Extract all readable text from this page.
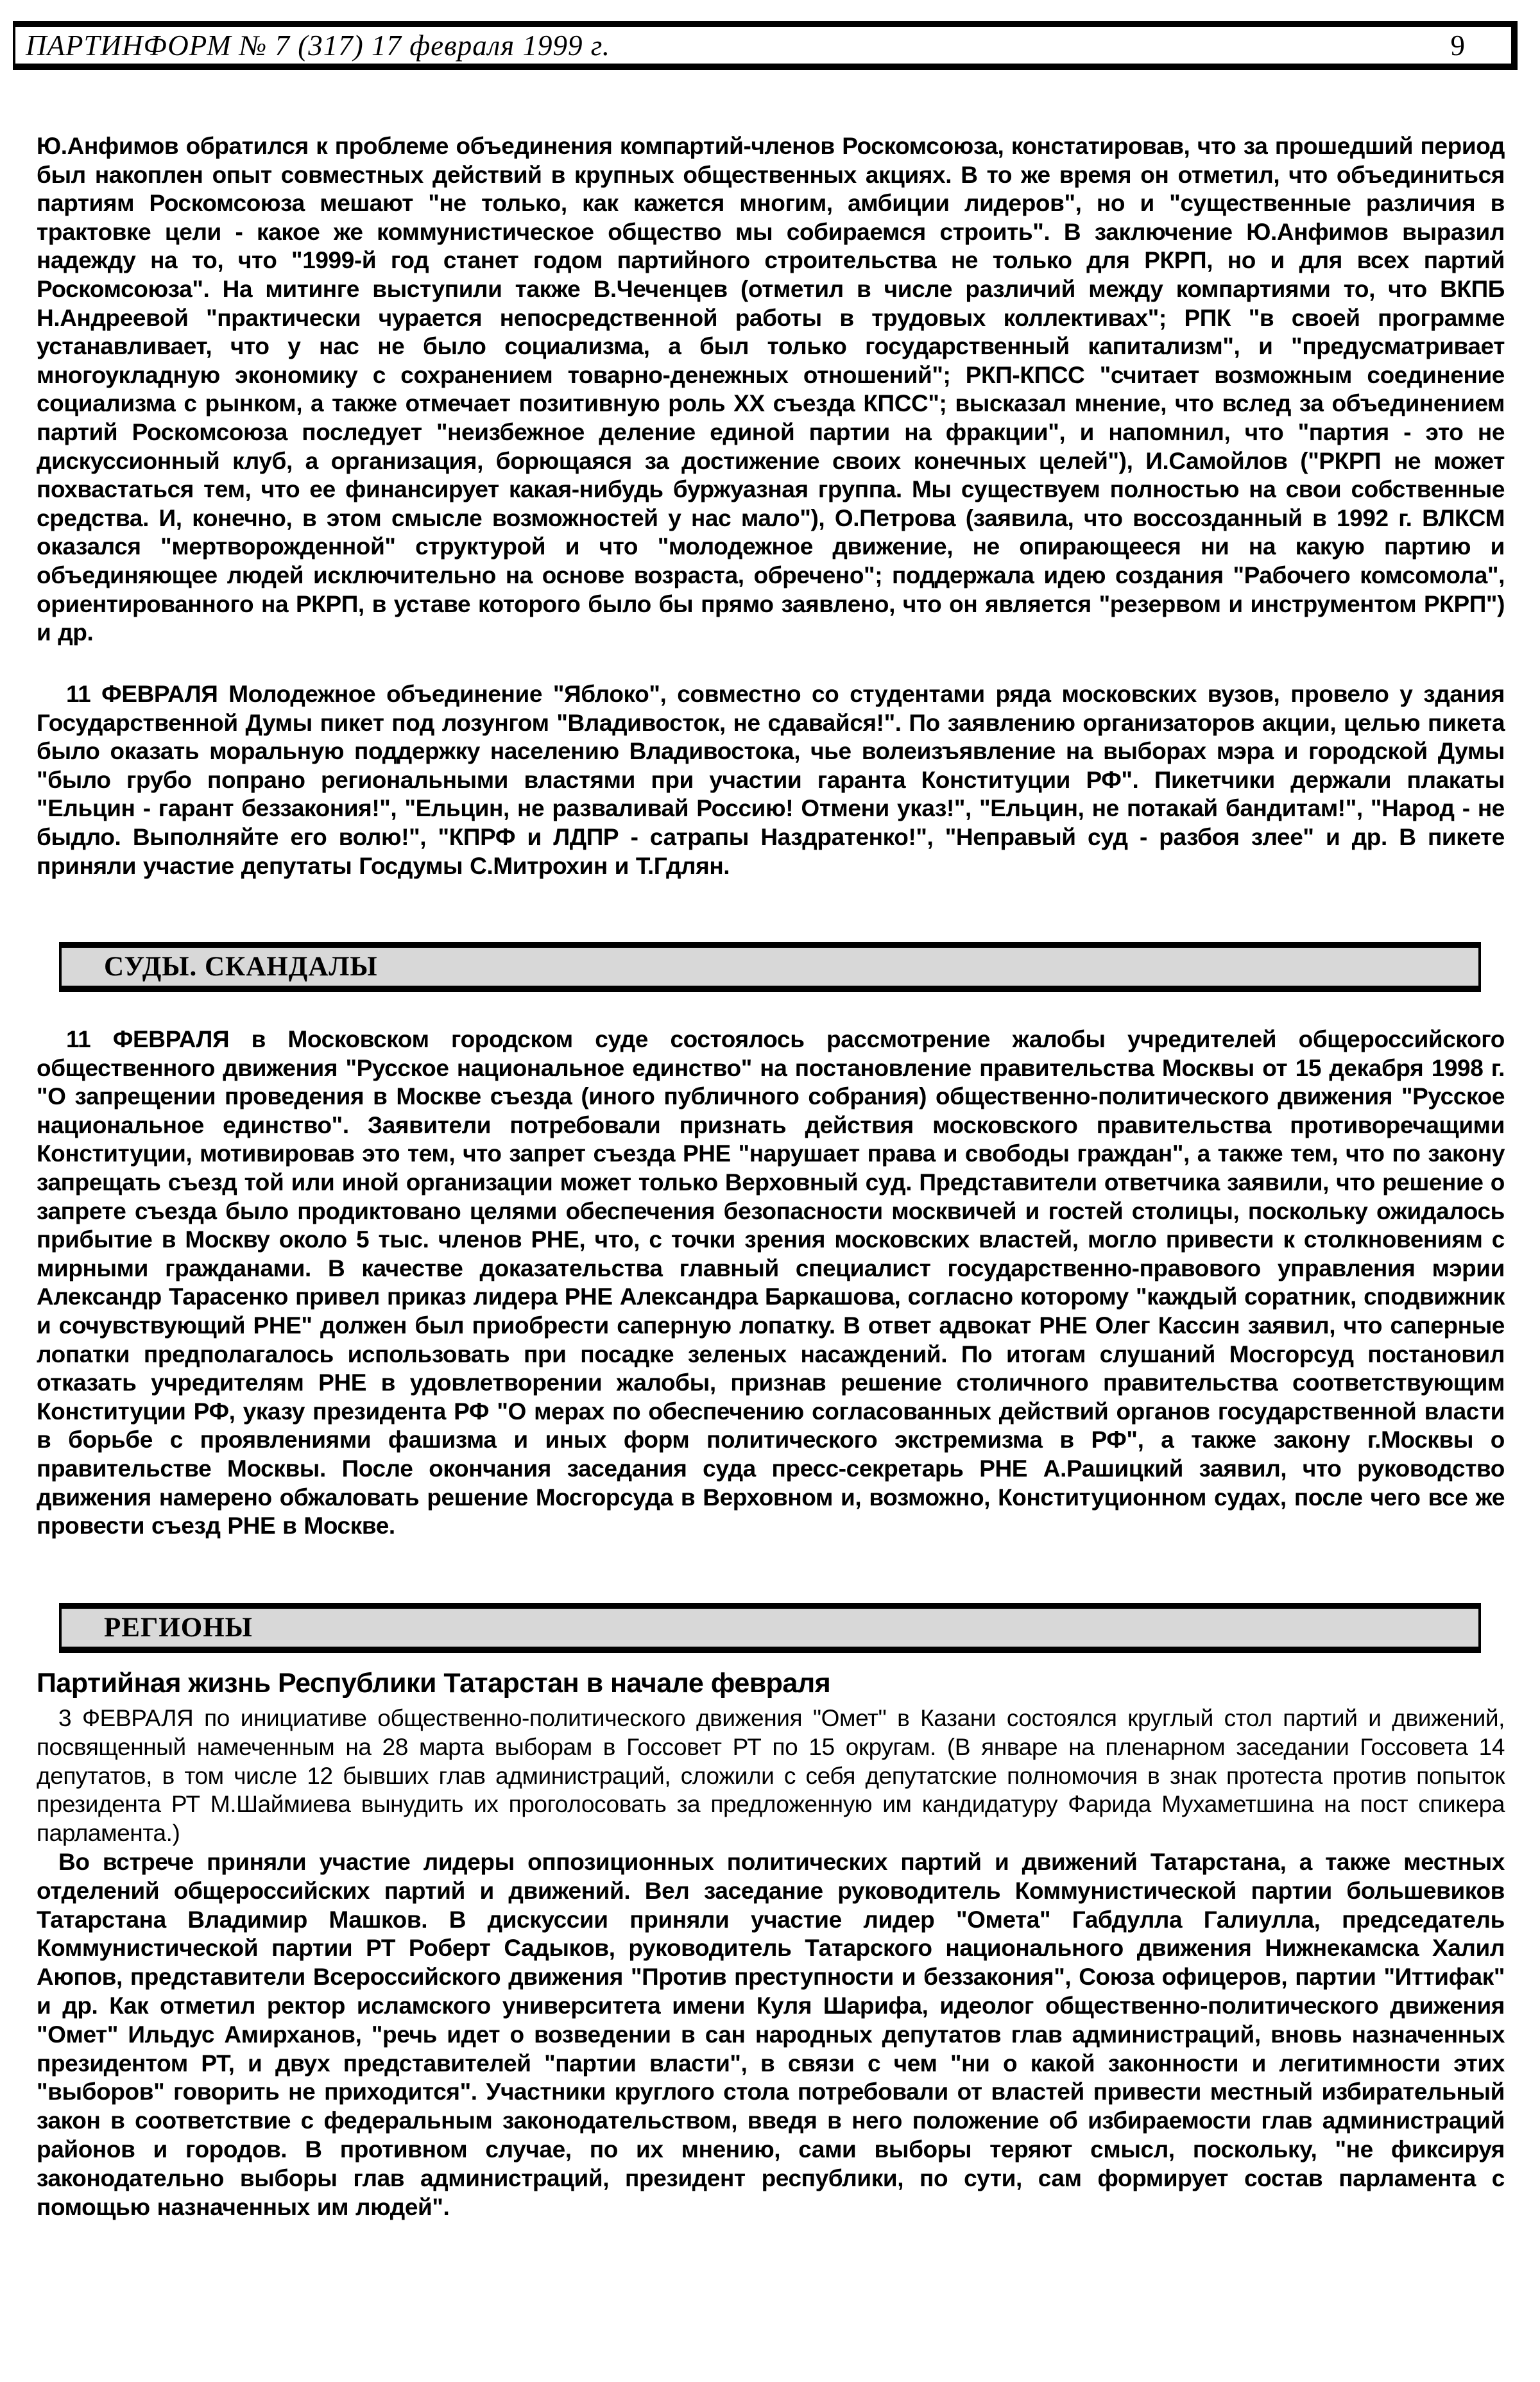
ПАРТИНФОРМ № 7 (317) 17 февраля 1999 г.	9
Ю.Анфимов обратился к проблеме объединения компартий-членов Роскомсоюза, констатировав, что за прошедший период был накоплен опыт совместных действий в крупных общественных акциях. В то же время он отметил, что объединиться партиям Роскомсоюза мешают "не только, как кажется многим, амбиции лидеров", но и "существенные различия в трактовке цели - какое же коммунистическое общество мы собираемся строить". В заключение Ю.Анфимов выразил надежду на то, что "1999-й год станет годом партийного строительства не только для РКРП, но и для всех партий Роскомсоюза". На митинге выступили также В.Чеченцев (отметил в числе различий между компартиями то, что ВКПБ Н.Андреевой "практически чурается непосредственной работы в трудовых коллективах"; РПК "в своей программе устанавливает, что у нас не было социализма, а был только государственный капитализм", и "предусматривает многоукладную экономику с сохранением товарно-денежных отношений"; РКП-КПСС "считает возможным соединение социализма с рынком, а также отмечает позитивную роль XX съезда КПСС"; высказал мнение, что вслед за объединением партий Роскомсоюза последует "неизбежное деление единой партии на фракции", и напомнил, что "партия - это не дискуссионный клуб, а организация, борющаяся за достижение своих конечных целей"), И.Самойлов ("РКРП не может похвастаться тем, что ее финансирует какая-нибудь буржуазная группа. Мы существуем полностью на свои собственные средства. И, конечно, в этом смысле возможностей у нас мало"), О.Петрова (заявила, что воссозданный в 1992 г. ВЛКСМ оказался "мертворожденной" структурой и что "молодежное движение, не опирающееся ни на какую партию и объединяющее людей исключительно на основе возраста, обречено"; поддержала идею создания "Рабочего комсомола", ориентированного на РКРП, в уставе которого было бы прямо заявлено, что он является "резервом и инструментом РКРП") и др.
11 ФЕВРАЛЯ Молодежное объединение "Яблоко", совместно со студентами ряда московских вузов, провело у здания Государственной Думы пикет под лозунгом "Владивосток, не сдавайся!". По заявлению организаторов акции, целью пикета было оказать моральную поддержку населению Владивостока, чье волеизъявление на выборах мэра и городской Думы "было грубо попрано региональными властями при участии гаранта Конституции РФ". Пикетчики держали плакаты "Ельцин - гарант беззакония!", "Ельцин, не разваливай Россию! Отмени указ!", "Ельцин, не потакай бандитам!", "Народ - не быдло. Выполняйте его волю!", "КПРФ и ЛДПР - сатрапы Наздратенко!", "Неправый суд - разбоя злее" и др. В пикете приняли участие депутаты Госдумы С.Митрохин и Т.Гдлян.
СУДЫ. СКАНДАЛЫ
11 ФЕВРАЛЯ в Московском городском суде состоялось рассмотрение жалобы учредителей общероссийского общественного движения "Русское национальное единство" на постановление правительства Москвы от 15 декабря 1998 г. "О запрещении проведения в Москве съезда (иного публичного собрания) общественно-политического движения "Русское национальное единство". Заявители потребовали признать действия московского правительства противоречащими Конституции, мотивировав это тем, что запрет съезда РНЕ "нарушает права и свободы граждан", а также тем, что по закону запрещать съезд той или иной организации может только Верховный суд. Представители ответчика заявили, что решение о запрете съезда было продиктовано целями обеспечения безопасности москвичей и гостей столицы, поскольку ожидалось прибытие в Москву около 5 тыс. членов РНЕ, что, с точки зрения московских властей, могло привести к столкновениям с мирными гражданами. В качестве доказательства главный специалист государственно-правового управления мэрии Александр Тарасенко привел приказ лидера РНЕ Александра Баркашова, согласно которому "каждый соратник, сподвижник и сочувствующий РНЕ" должен был приобрести саперную лопатку. В ответ адвокат РНЕ Олег Кассин заявил, что саперные лопатки предполагалось использовать при посадке зеленых насаждений. По итогам слушаний Мосгорсуд постановил отказать учредителям РНЕ в удовлетворении жалобы, признав решение столичного правительства соответствующим Конституции РФ, указу президента РФ "О мерах по обеспечению согласованных действий органов государственной власти в борьбе с проявлениями фашизма и иных форм политического экстремизма в РФ", а также закону г.Москвы о правительстве Москвы. После окончания заседания суда пресс-секретарь РНЕ А.Рашицкий заявил, что руководство движения намерено обжаловать решение Мосгорсуда в Верховном и, возможно, Конституционном судах, после чего все же провести съезд РНЕ в Москве.
РЕГИОНЫ
Партийная жизнь Республики Татарстан в начале февраля

3 ФЕВРАЛЯ по инициативе общественно-политического движения "Омет" в Казани состоялся круглый стол партий и движений, посвященный намеченным на 28 марта выборам в Госсовет РТ по 15 округам. (В январе на пленарном заседании Госсовета 14 депутатов, в том числе 12 бывших глав администраций, сложили с себя депутатские полномочия в знак протеста против попыток президента РТ М.Шаймиева вынудить их проголосовать за предложенную им кандидатуру Фарида Мухаметшина на пост спикера парламента.)

Во встрече приняли участие лидеры оппозиционных политических партий и движений Татарстана, а также местных отделений общероссийских партий и движений. Вел заседание руководитель Коммунистической партии большевиков Татарстана Владимир Машков. В дискуссии приняли участие лидер "Омета" Габдулла Галиулла, председатель Коммунистической партии РТ Роберт Садыков, руководитель Татарского национального движения Нижнекамска Халил Аюпов, представители Всероссийского движения "Против преступности и беззакония", Союза офицеров, партии "Иттифак" и др. Как отметил ректор исламского университета имени Куля Шарифа, идеолог общественно-политического движения "Омет" Ильдус Амирханов, "речь идет о возведении в сан народных депутатов глав администраций, вновь назначенных президентом РТ, и двух представителей "партии власти", в связи с чем "ни о какой законности и легитимности этих "выборов" говорить не приходится". Участники круглого стола потребовали от властей привести местный избирательный закон в соответствие с федеральным законодательством, введя в него положение об избираемости глав администраций районов и городов. В противном случае, по их мнению, сами выборы теряют смысл, поскольку, "не фиксируя законодательно выборы глав администраций, президент республики, по сути, сам формирует состав парламента с помощью назначенных им людей".
